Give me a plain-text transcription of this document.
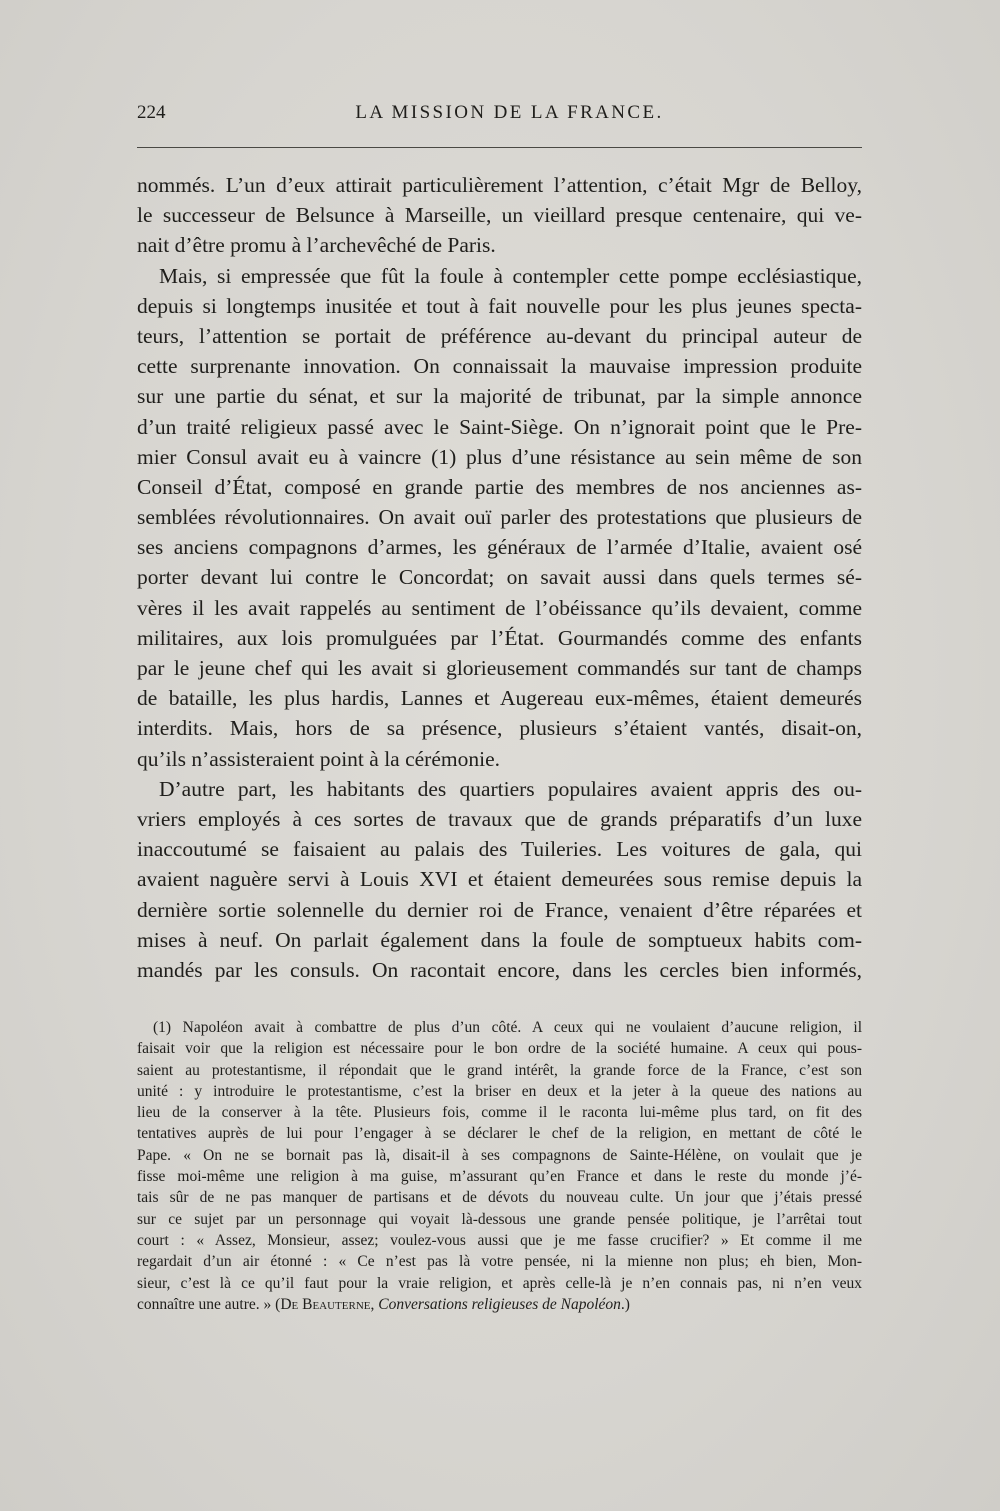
224	LA MISSION DE LA FRANCE.
nommés. L’un d’eux attirait particulièrement l’attention, c’était Mgr de Belloy,
le successeur de Belsunce à Marseille, un vieillard presque centenaire, qui ve-
nait d’être promu à l’archevêché de Paris.
Mais, si empressée que fût la foule à contempler cette pompe ecclésiastique,
depuis si longtemps inusitée et tout à fait nouvelle pour les plus jeunes specta-
teurs, l’attention se portait de préférence au-devant du principal auteur de
cette surprenante innovation. On connaissait la mauvaise impression produite
sur une partie du sénat, et sur la majorité de tribunat, par la simple annonce
d’un traité religieux passé avec le Saint-Siège. On n’ignorait point que le Pre-
mier Consul avait eu à vaincre (1) plus d’une résistance au sein même de son
Conseil d’État, composé en grande partie des membres de nos anciennes as-
semblées révolutionnaires. On avait ouï parler des protestations que plusieurs de
ses anciens compagnons d’armes, les généraux de l’armée d’Italie, avaient osé
porter devant lui contre le Concordat; on savait aussi dans quels termes sé-
vères il les avait rappelés au sentiment de l’obéissance qu’ils devaient, comme
militaires, aux lois promulguées par l’État. Gourmandés comme des enfants
par le jeune chef qui les avait si glorieusement commandés sur tant de champs
de bataille, les plus hardis, Lannes et Augereau eux-mêmes, étaient demeurés
interdits. Mais, hors de sa présence, plusieurs s’étaient vantés, disait-on,
qu’ils n’assisteraient point à la cérémonie.
D’autre part, les habitants des quartiers populaires avaient appris des ou-
vriers employés à ces sortes de travaux que de grands préparatifs d’un luxe
inaccoutumé se faisaient au palais des Tuileries. Les voitures de gala, qui
avaient naguère servi à Louis XVI et étaient demeurées sous remise depuis la
dernière sortie solennelle du dernier roi de France, venaient d’être réparées et
mises à neuf. On parlait également dans la foule de somptueux habits com-
mandés par les consuls. On racontait encore, dans les cercles bien informés,
(1) Napoléon avait à combattre de plus d’un côté. A ceux qui ne voulaient d’aucune religion, il
faisait voir que la religion est nécessaire pour le bon ordre de la société humaine. A ceux qui pous-
saient au protestantisme, il répondait que le grand intérêt, la grande force de la France, c’est son
unité : y introduire le protestantisme, c’est la briser en deux et la jeter à la queue des nations au
lieu de la conserver à la tête. Plusieurs fois, comme il le raconta lui-même plus tard, on fit des
tentatives auprès de lui pour l’engager à se déclarer le chef de la religion, en mettant de côté le
Pape. « On ne se bornait pas là, disait-il à ses compagnons de Sainte-Hélène, on voulait que je
fisse moi-même une religion à ma guise, m’assurant qu’en France et dans le reste du monde j’é-
tais sûr de ne pas manquer de partisans et de dévots du nouveau culte. Un jour que j’étais pressé
sur ce sujet par un personnage qui voyait là-dessous une grande pensée politique, je l’arrêtai tout
court : « Assez, Monsieur, assez; voulez-vous aussi que je me fasse crucifier? » Et comme il me
regardait d’un air étonné : « Ce n’est pas là votre pensée, ni la mienne non plus; eh bien, Mon-
sieur, c’est là ce qu’il faut pour la vraie religion, et après celle-là je n’en connais pas, ni n’en veux
connaître une autre. » (De Beauterne, Conversations religieuses de Napoléon.)
